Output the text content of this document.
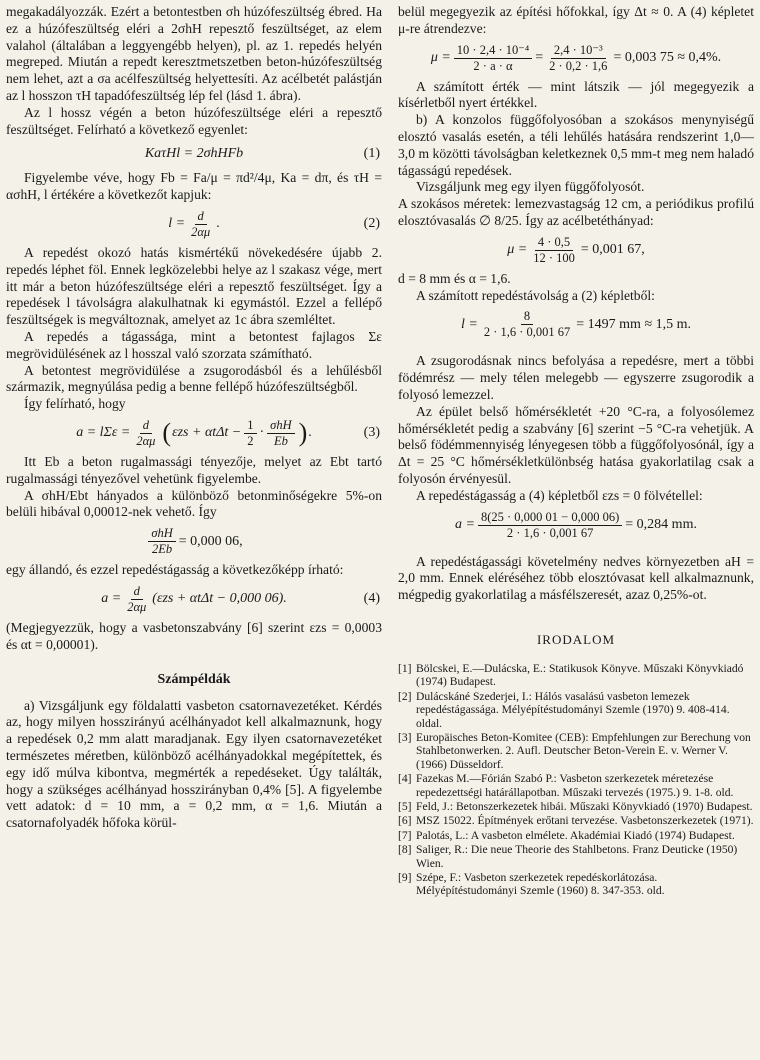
megakadályozzák. Ezért a betontestben σh húzófeszültség ébred. Ha ez a húzófeszültség eléri a 2σhH repesztő feszültséget, az elem valahol (általában a leggyengébb helyen), pl. az 1. repedés helyén megreped. Miután a repedt keresztmetszetben beton-húzófeszültség nem lehet, azt a σa acélfeszültség helyettesíti. Az acélbetét palástján az l hosszon τH tapadófeszültség lép fel (lásd 1. ábra).

Az l hossz végén a beton húzófeszültsége eléri a repesztő feszültséget. Felírható a következő egyenlet:

KaτHl = 2σhHFb	(1)

Figyelembe véve, hogy Fb = Fa/μ = πd²/4μ, Ka = dπ, és τH = ασhH, l értékére a következőt kapjuk:

$l = \frac{d}{2\alpha\mu}$ .	(2)

A repedést okozó hatás kismértékű növekedésére újabb 2. repedés léphet föl. Ennek legközelebbi helye az l szakasz vége, mert itt már a beton húzófeszültsége eléri a repesztő feszültséget. Így a repedések l távolságra alakulhatnak ki egymástól. Ezzel a fellépő feszültségek is megváltoznak, amelyet az 1c ábra szemléltet.

A repedés a tágassága, mint a betontest fajlagos Σε megrövidülésének az l hosszal való szorzata számítható.

A betontest megrövidülése a zsugorodásból és a lehűlésből származik, megnyúlása pedig a benne fellépő húzófeszültségből.

Így felírható, hogy

$a = l\Sigma\varepsilon = \frac{d}{2\alpha\mu}$ ( $\varepsilon zs + \alpha t\Delta t - \frac{1}{2} \cdot \frac{\text{σhH}}{Eb}$ ) .	(3)

Itt Eb a beton rugalmassági tényezője, melyet az Ebt tartó rugalmassági tényezővel vehetünk figyelembe.

A σhH/Ebt hányados a különböző betonminőségekre 5%-on belüli hibával 0,00012-nek vehető. Így

$\frac{\text{σhH}}{2Eb} = 0,000$ 06,

egy állandó, és ezzel repedéstágasság a következőképp írható:

$a = \frac{d}{2\alpha\mu} (\varepsilon zs + \alpha t\Delta t - 0,000$ 06).	(4)

(Megjegyezzük, hogy a vasbetonszabvány [6] szerint εzs = 0,0003 és αt = 0,00001).

Számpéldák

a) Vizsgáljunk egy földalatti vasbeton csatornavezetéket. Kérdés az, hogy milyen hosszirányú acélhányadot kell alkalmaznunk, hogy a repedések 0,2 mm alatt maradjanak. Egy ilyen csatornavezetéket természetes méretben, különböző acélhányadokkal megépítettek, és egy idő múlva kibontva, megmérték a repedéseket. Úgy találták, hogy a szükséges acélhányad hosszirányban 0,4% [5]. A figyelembe vett adatok: d = 10 mm, a = 0,2 mm, α = 1,6. Miután a csatornafolyadék hőfoka körül-

belül megegyezik az építési hőfokkal, így Δt ≈ 0. A (4) képletet μ-re átrendezve:

$\mu = \frac{\text{10 · 2,4 · 10⁻⁴}}{2 \cdot a \cdot \alpha} = \frac{\text{2,4 · 10⁻³}}{2 \cdot 0,2 \cdot 1,6} = 0,003$ 75 ≈ 0,4%.

A számított érték — mint látszik — jól megegyezik a kísérletből nyert értékkel.

b) A konzolos függőfolyosóban a szokásos menynyiségű elosztó vasalás esetén, a téli lehűlés hatására rendszerint 1,0—3,0 m közötti távolságban keletkeznek 0,5 mm-t meg nem haladó tágasságú repedések.

Vizsgáljunk meg egy ilyen függőfolyosót.

A szokásos méretek: lemezvastagság 12 cm, a periódikus profilú elosztóvasalás ∅ 8/25. Így az acélbetéthányad:

$\mu = \frac{4 \cdot 0,5}{12 \cdot 100} = 0,001$ 67,

d = 8 mm és α = 1,6.

A számított repedéstávolság a (2) képletből:

$l = \frac{8}{2 \cdot 1,6 \cdot 0,001 67} = 1497$ mm ≈ 1,5 m.

A zsugorodásnak nincs befolyása a repedésre, mert a többi födémrész — mely télen melegebb — egyszerre zsugorodik a folyosó lemezzel.

Az épület belső hőmérsékletét +20 °C-ra, a folyosólemez hőmérsékletét pedig a szabvány [6] szerint −5 °C-ra vehetjük. A belső födémmennyiség lényegesen több a függőfolyosónál, így a Δt = 25 °C hőmérsékletkülönbség hatása gyakorlatilag csak a folyosón érvényesül.

A repedéstágasság a (4) képletből εzs = 0 fölvétellel:

$a = \frac{8(25 \cdot 0,000 01 - 0,000 06)}{2 \cdot 1,6 \cdot 0,001 67} = 0,284$ mm.

A repedéstágassági követelmény nedves környezetben aH = 2,0 mm. Ennek eléréséhez több elosztóvasat kell alkalmaznunk, mégpedig gyakorlatilag a másfélszeresét, azaz 0,25%-ot.

IRODALOM
[1] Bölcskei, E.—Dulácska, E.: Statikusok Könyve. Műszaki Könyvkiadó (1974) Budapest.
[2] Dulácskáné Szederjei, I.: Hálós vasalású vasbeton lemezek repedéstágassága. Mélyépítéstudományi Szemle (1970) 9. 408-414. oldal.
[3] Europäisches Beton-Komitee (CEB): Empfehlungen zur Berechung von Stahlbetonwerken. 2. Aufl. Deutscher Beton-Verein E. v. Werner V. (1966) Düsseldorf.
[4] Fazekas M.—Fórián Szabó P.: Vasbeton szerkezetek méretezése repedezettségi határállapotban. Műszaki tervezés (1975.) 9. 1-8. old.
[5] Feld, J.: Betonszerkezetek hibái. Műszaki Könyvkiadó (1970) Budapest.
[6] MSZ 15022. Építmények erőtani tervezése. Vasbetonszerkezetek (1971).
[7] Palotás, L.: A vasbeton elmélete. Akadémiai Kiadó (1974) Budapest.
[8] Saliger, R.: Die neue Theorie des Stahlbetons. Franz Deuticke (1950) Wien.
[9] Szépe, F.: Vasbeton szerkezetek repedéskorlátozása. Mélyépítéstudományi Szemle (1960) 8. 347-353. old.
